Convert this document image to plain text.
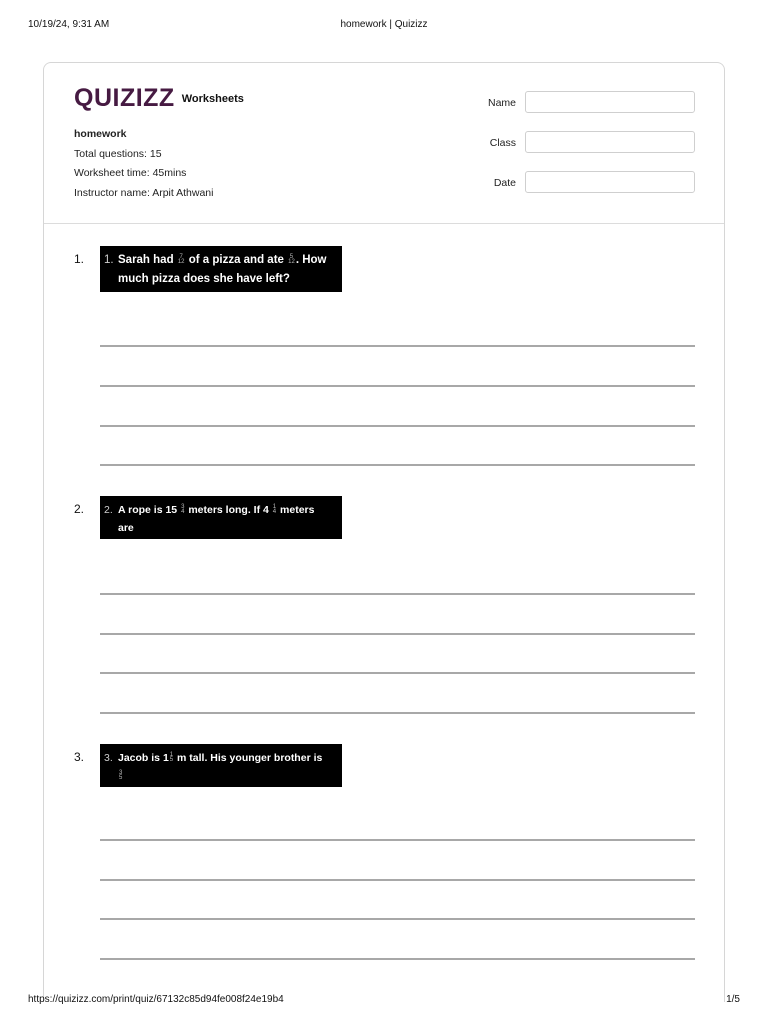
10/19/24, 9:31 AM	homework | Quizizz
QUIZIZZ Worksheets
homework
Total questions: 15
Worksheet time: 45mins
Instructor name: Arpit Athwani
Name
Class
Date
1. 1. Sarah had 7
12 of a pizza and ate 5
12 . How
much pizza does she have left?
2. 2. A rope is 15 3
4 meters long. If 4 1
4 meters are
cut off, how much rope is left?
3. 3. Jacob is 1 1
5 m tall. His younger brother is
3
5

m shorter than him. How tall is his brother?
https://quizizz.com/print/quiz/67132c85d94fe008f24e19b4	1/5
